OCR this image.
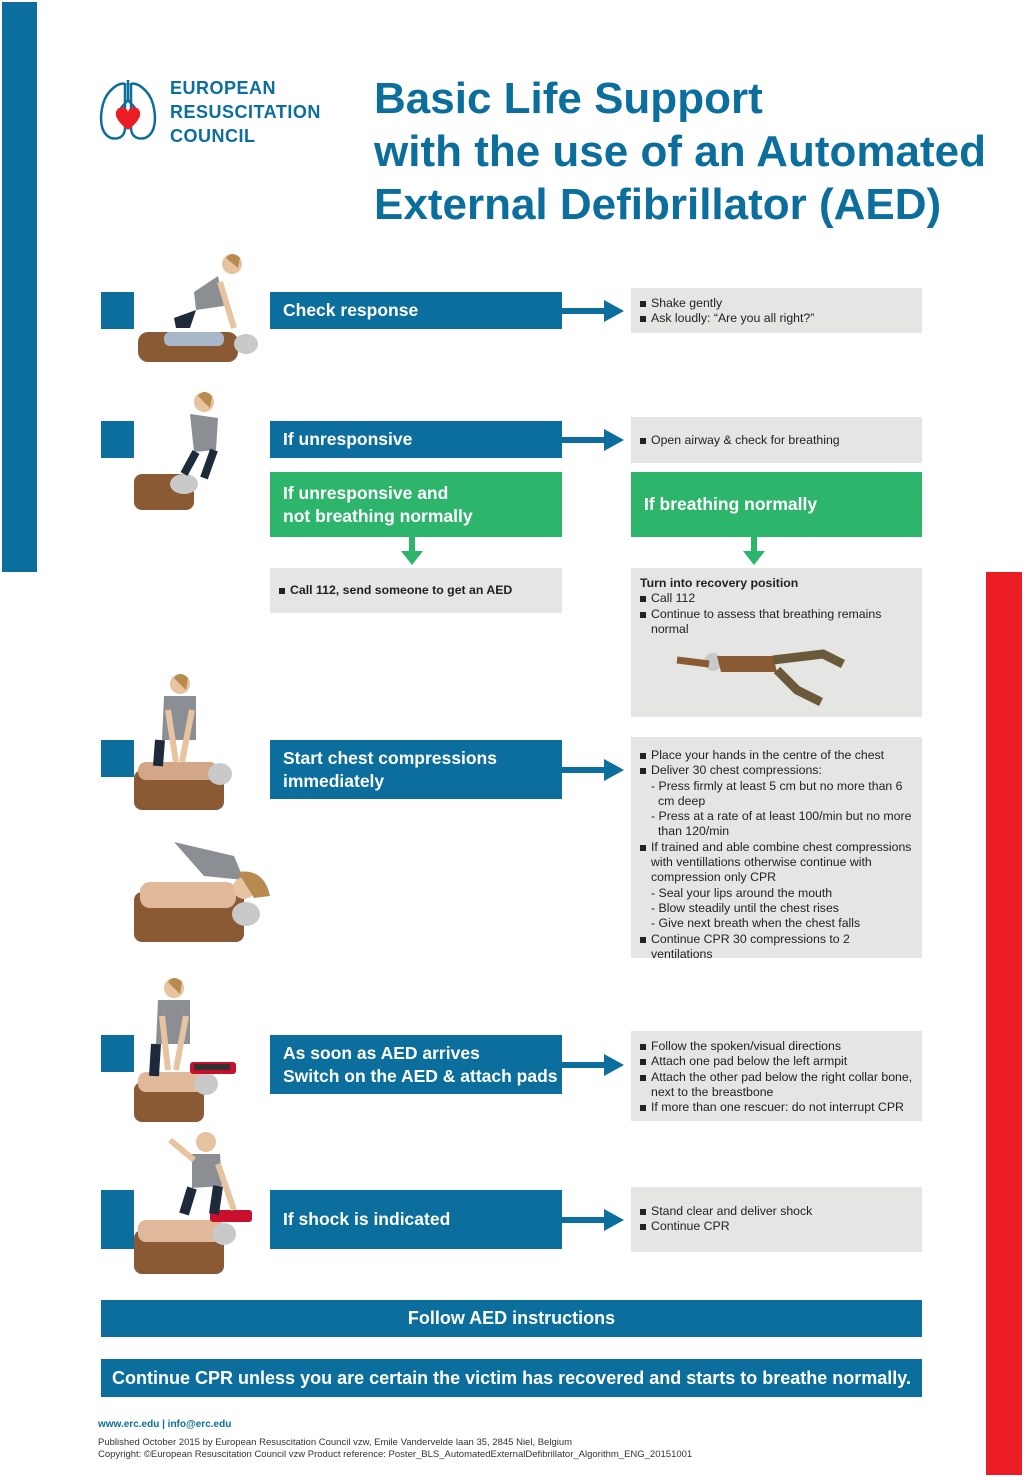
EUROPEAN
RESUSCITATION
COUNCIL
Basic Life Support
with the use of an Automated
External Defibrillator (AED)
Check response	Shake gently
Ask loudly: “Are you all right?”
If unresponsive	Open airway & check for breathing
If unresponsive and
not breathing normally
If breathing normally
Call 112, send someone to get an AED	Turn into recovery position
Call 112
Continue to assess that breathing remains normal
Start chest compressions
immediately
Place your hands in the centre of the chest
Deliver 30 chest compressions:
- Press firmly at least 5 cm but no more than 6 cm deep
- Press at a rate of at least 100/min but no more than 120/min
If trained and able combine chest compressions with ventillations otherwise continue with compression only CPR
- Seal your lips around the mouth
- Blow steadily until the chest rises
- Give next breath when the chest falls
Continue CPR 30 compressions to 2 ventilations
As soon as AED arrives
Switch on the AED & attach pads
Follow the spoken/visual directions
Attach one pad below the left armpit
Attach the other pad below the right collar bone, next to the breastbone
If more than one rescuer: do not interrupt CPR
If shock is indicated	Stand clear and deliver shock
Continue CPR
Follow AED instructions
Continue CPR unless you are certain the victim has recovered and starts to breathe normally.
www.erc.edu | info@erc.edu
Published October 2015 by European Resuscitation Council vzw, Emile Vandervelde laan 35, 2845 Niel, Belgium
Copyright: ©European Resuscitation Council vzw Product reference: Poster_BLS_AutomatedExternalDefibrillator_Algorithm_ENG_20151001
